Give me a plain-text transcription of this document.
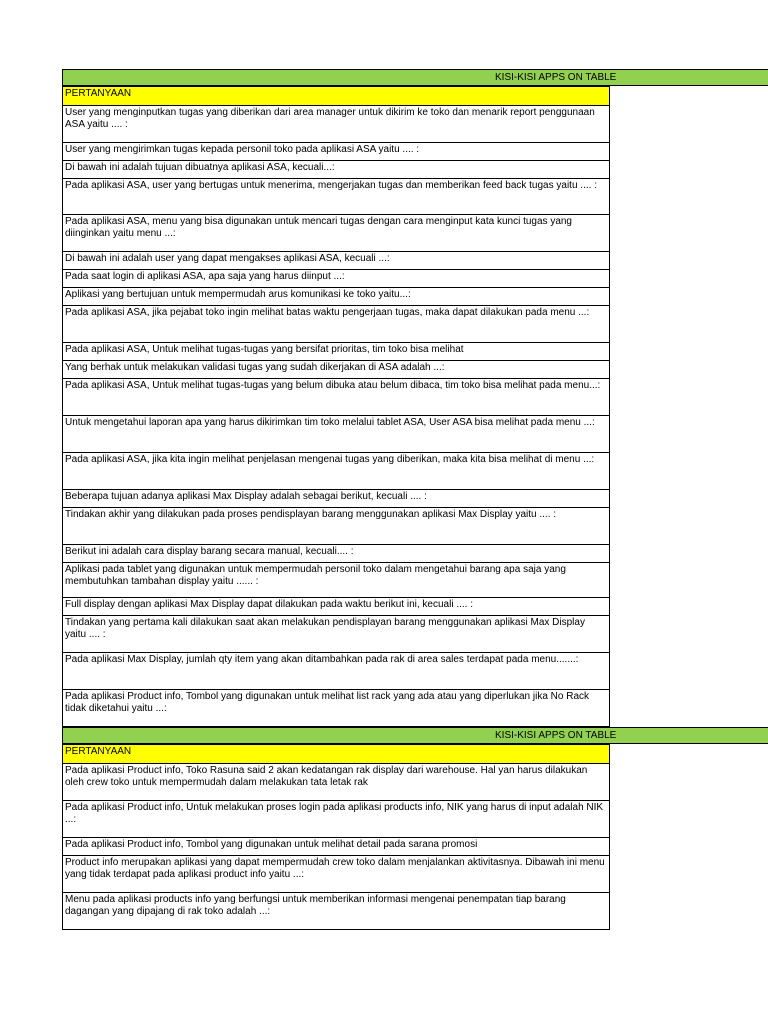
KISI-KISI APPS ON TABLE
PERTANYAAN
User yang menginputkan tugas yang diberikan dari area manager untuk dikirim ke toko dan menarik report penggunaan ASA yaitu .... :
User yang mengirimkan tugas kepada personil toko pada aplikasi ASA yaitu .... :
Di bawah ini adalah tujuan dibuatnya aplikasi ASA, kecuali...:
Pada aplikasi ASA, user yang bertugas untuk menerima, mengerjakan tugas dan memberikan feed back tugas yaitu .... :
Pada aplikasi ASA, menu yang bisa digunakan untuk mencari tugas dengan cara menginput kata kunci tugas yang diinginkan yaitu menu ...:
Di bawah ini adalah user yang dapat mengakses aplikasi ASA, kecuali ...:
Pada saat login di aplikasi ASA, apa saja yang harus diinput ...:
Aplikasi yang bertujuan untuk mempermudah arus komunikasi ke toko yaitu...:
Pada aplikasi ASA, jika pejabat toko ingin melihat batas waktu pengerjaan tugas, maka dapat dilakukan pada menu ...:
Pada aplikasi ASA, Untuk melihat tugas-tugas yang bersifat prioritas, tim toko bisa melihat
Yang berhak untuk melakukan validasi tugas yang sudah dikerjakan di ASA adalah ...:
Pada aplikasi ASA, Untuk melihat tugas-tugas yang belum dibuka atau belum dibaca, tim toko bisa melihat pada menu...:
Untuk mengetahui laporan apa yang harus dikirimkan tim toko melalui tablet ASA, User ASA bisa melihat pada menu ...:
Pada aplikasi ASA, jika kita ingin melihat penjelasan mengenai tugas yang diberikan, maka kita bisa melihat di menu ...:
Beberapa tujuan adanya aplikasi Max Display adalah sebagai berikut, kecuali .... :
Tindakan akhir yang dilakukan pada proses pendisplayan barang menggunakan aplikasi Max Display yaitu .... :
Berikut ini adalah cara display barang secara manual, kecuali.... :
Aplikasi pada tablet yang digunakan untuk mempermudah personil toko dalam mengetahui barang apa saja yang membutuhkan tambahan display yaitu ...... :
Full display dengan aplikasi Max Display dapat dilakukan pada waktu berikut ini, kecuali .... :
Tindakan yang pertama kali dilakukan saat akan melakukan pendisplayan barang menggunakan aplikasi Max Display yaitu .... :
Pada aplikasi Max Display, jumlah qty item yang akan ditambahkan pada rak di area sales terdapat pada menu.......:
Pada aplikasi Product info, Tombol yang digunakan untuk melihat list rack yang ada atau yang diperlukan jika No Rack tidak diketahui yaitu ...:
KISI-KISI APPS ON TABLE
PERTANYAAN
Pada aplikasi Product info, Toko Rasuna said 2 akan kedatangan rak display dari warehouse. Hal yan harus dilakukan oleh crew toko untuk mempermudah dalam melakukan tata letak rak
Pada aplikasi Product info, Untuk melakukan proses login pada aplikasi products info, NIK yang harus di input adalah NIK ...:
Pada aplikasi Product info, Tombol yang digunakan untuk melihat detail pada sarana promosi
Product info merupakan aplikasi yang dapat mempermudah crew toko dalam menjalankan aktivitasnya. Dibawah ini menu yang tidak terdapat pada aplikasi product info yaitu ...:
Menu pada aplikasi products info yang berfungsi untuk memberikan informasi mengenai penempatan tiap barang dagangan yang dipajang di rak toko adalah ...:
